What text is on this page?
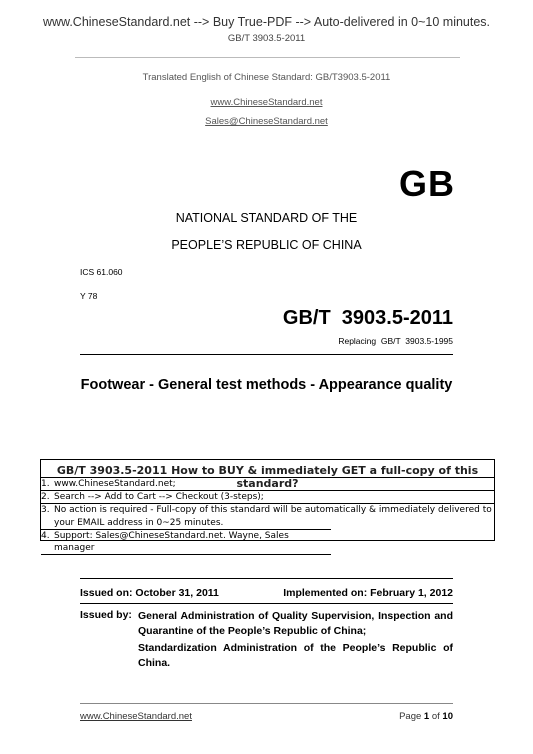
www.ChineseStandard.net --> Buy True-PDF --> Auto-delivered in 0~10 minutes.
GB/T 3903.5-2011
Translated English of Chinese Standard: GB/T3903.5-2011
www.ChineseStandard.net
Sales@ChineseStandard.net
GB
NATIONAL STANDARD OF THE
PEOPLE’S REPUBLIC OF CHINA
ICS 61.060
Y 78
GB/T  3903.5-2011
Replacing  GB/T  3903.5-1995
Footwear - General test methods - Appearance quality
GB/T 3903.5-2011 How to BUY & immediately GET a full-copy of this standard?
1. www.ChineseStandard.net;
2. Search --> Add to Cart --> Checkout (3-steps);
3. No action is required - Full-copy of this standard will be automatically & immediately delivered to
your EMAIL address in 0~25 minutes.
4. Support: Sales@ChineseStandard.net. Wayne, Sales manager
Issued on: October 31, 2011	Implemented on: February 1, 2012
Issued by: General Administration of Quality Supervision, Inspection and Quarantine of the People’s Republic of China;
Standardization Administration of the People’s Republic of China.
www.ChineseStandard.net	Page 1 of 10
